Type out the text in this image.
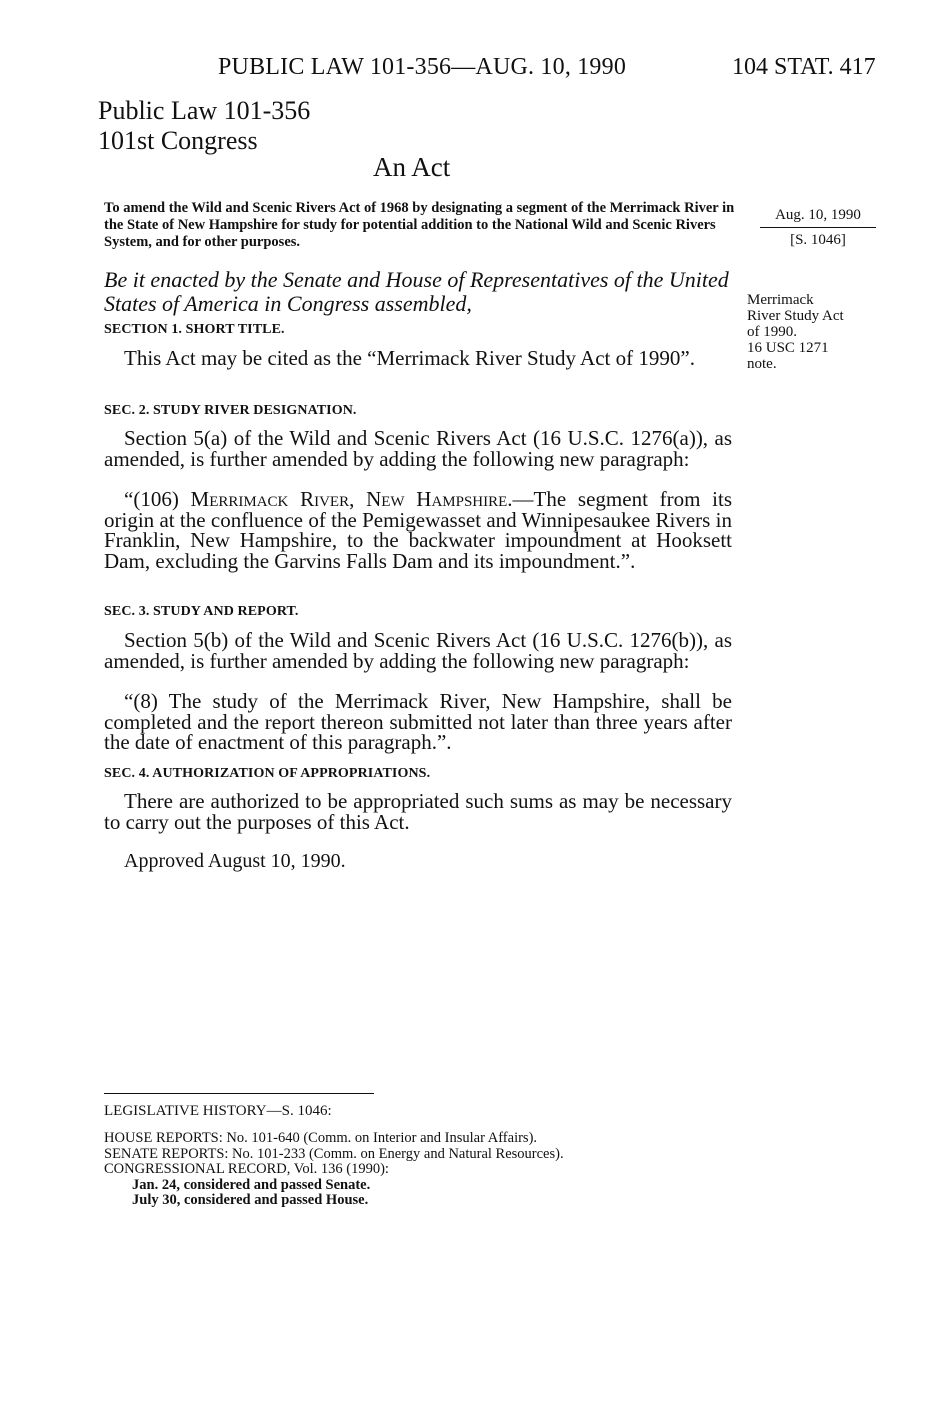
PUBLIC LAW 101-356—AUG. 10, 1990	104 STAT. 417
Public Law 101-356
101st Congress
An Act
To amend the Wild and Scenic Rivers Act of 1968 by designating a segment of the Merrimack River in the State of New Hampshire for study for potential addition to the National Wild and Scenic Rivers System, and for other purposes.
Aug. 10, 1990
[S. 1046]
Be it enacted by the Senate and House of Representatives of the United States of America in Congress assembled,	Merrimack
River Study Act
of 1990.
16 USC 1271
note.
SECTION 1. SHORT TITLE.
This Act may be cited as the “Merrimack River Study Act of 1990”.
SEC. 2. STUDY RIVER DESIGNATION.
Section 5(a) of the Wild and Scenic Rivers Act (16 U.S.C. 1276(a)), as amended, is further amended by adding the following new paragraph:
“(106) Merrimack River, New Hampshire.—The segment from its origin at the confluence of the Pemigewasset and Winnipesaukee Rivers in Franklin, New Hampshire, to the backwater impoundment at Hooksett Dam, excluding the Garvins Falls Dam and its impoundment.”.
SEC. 3. STUDY AND REPORT.
Section 5(b) of the Wild and Scenic Rivers Act (16 U.S.C. 1276(b)), as amended, is further amended by adding the following new paragraph:
“(8) The study of the Merrimack River, New Hampshire, shall be completed and the report thereon submitted not later than three years after the date of enactment of this paragraph.”.
SEC. 4. AUTHORIZATION OF APPROPRIATIONS.
There are authorized to be appropriated such sums as may be necessary to carry out the purposes of this Act.
Approved August 10, 1990.
LEGISLATIVE HISTORY—S. 1046:
HOUSE REPORTS: No. 101-640 (Comm. on Interior and Insular Affairs).
SENATE REPORTS: No. 101-233 (Comm. on Energy and Natural Resources).
CONGRESSIONAL RECORD, Vol. 136 (1990):
Jan. 24, considered and passed Senate.
July 30, considered and passed House.
